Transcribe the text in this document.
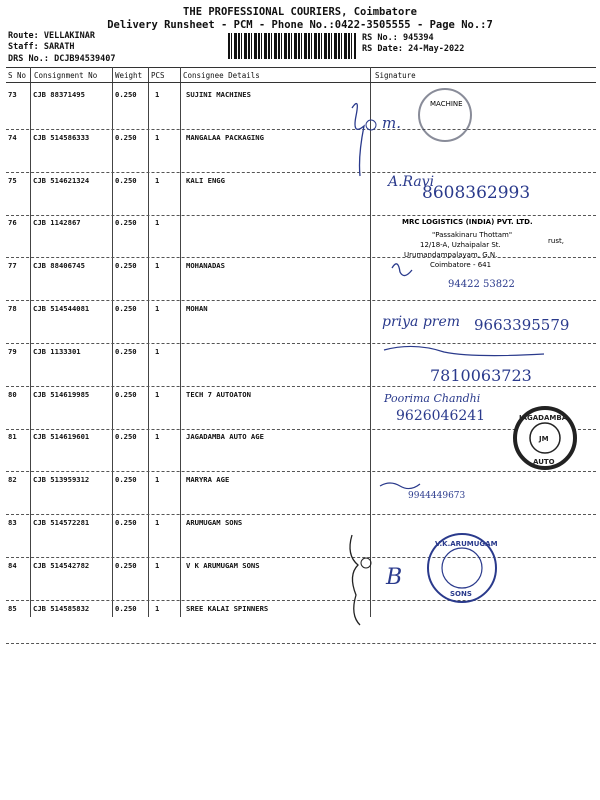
THE PROFESSIONAL COURIERS, Coimbatore
Delivery Runsheet - PCM - Phone No.:0422-3505555 - Page No.:7
Route: VELLAKINAR
Staff: SARATH
DRS No.: DCJB94539407
RS No.: 945394
RS Date: 24-May-2022
S No Consignment No Weight PCS Consignee Details	Signature
73 CJB 88371495	0.250	1	SUJINI MACHINES
74 CJB 514586333	0.250	1	MANGALAA PACKAGING
75 CJB 514621324	0.250	1	KALI ENGG
76 CJB 1142867	0.250	1
77 CJB 88406745	0.250	1	MOHANADAS
78 CJB 514544081	0.250	1	MOHAN
79 CJB 1133301	0.250	1
80 CJB 514619985	0.250	1	TECH 7 AUTOATON
81 CJB 514619601	0.250	1	JAGADAMBA AUTO AGE
82 CJB 513959312	0.250	1	MARYRA AGE
83 CJB 514572281	0.250	1	ARUMUGAM SONS
84 CJB 514542782	0.250	1	V K ARUMUGAM SONS
85 CJB 514585832	0.250	1	SREE KALAI SPINNERS
m.
MACHINE
A.Ravi
8608362993
MRC LOGISTICS (INDIA) PVT. LTD.
"Passakinaru Thottam"
12/18-A, Uzhaipalar St.	rust,
Urumandampalayam, G.N.
Coimbatore - 641
94422 53822
priya prem 9663395579
7810063723
Poorima Chandhi
9626046241	JAGADAMBA
AUTO
JM
9944449673
B
V.K.ARUMUGAM
SONS
